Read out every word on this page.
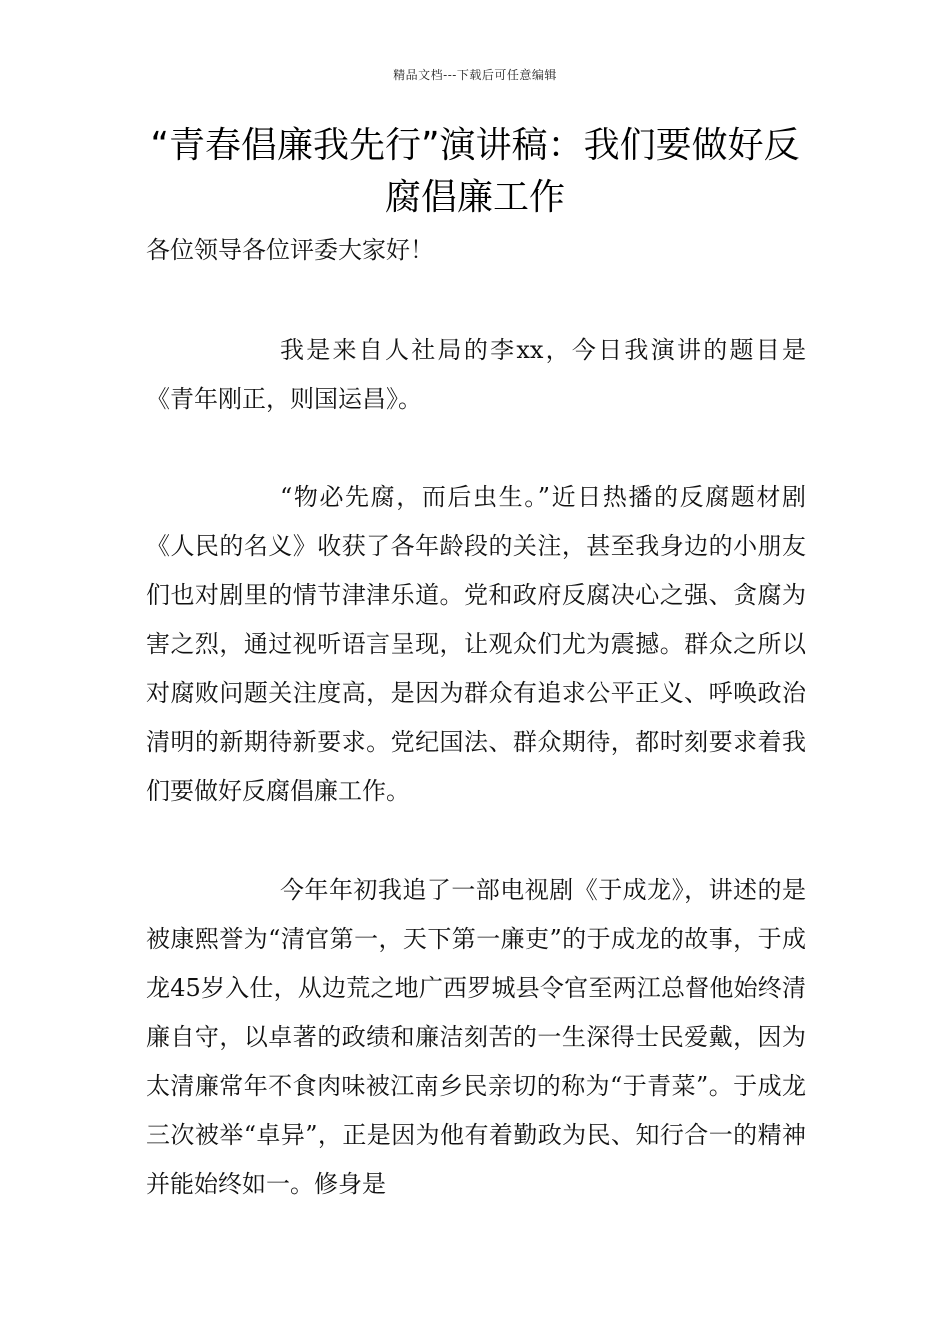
精品文档---下载后可任意编辑
“青春倡廉我先行”演讲稿：我们要做好反腐倡廉工作

各位领导各位评委大家好！

我是来自人社局的李xx，今日我演讲的题目是《青年刚正，则国运昌》。

“物必先腐，而后虫生。”近日热播的反腐题材剧《人民的名义》收获了各年龄段的关注，甚至我身边的小朋友们也对剧里的情节津津乐道。党和政府反腐决心之强、贪腐为害之烈，通过视听语言呈现，让观众们尤为震撼。群众之所以对腐败问题关注度高，是因为群众有追求公平正义、呼唤政治清明的新期待新要求。党纪国法、群众期待，都时刻要求着我们要做好反腐倡廉工作。

今年年初我追了一部电视剧《于成龙》，讲述的是被康熙誉为“清官第一，天下第一廉吏”的于成龙的故事，于成龙45岁入仕，从边荒之地广西罗城县令官至两江总督他始终清廉自守，以卓著的政绩和廉洁刻苦的一生深得士民爱戴，因为太清廉常年不食肉味被江南乡民亲切的称为“于青菜”。于成龙三次被举“卓异”，正是因为他有着勤政为民、知行合一的精神并能始终如一。修身是
